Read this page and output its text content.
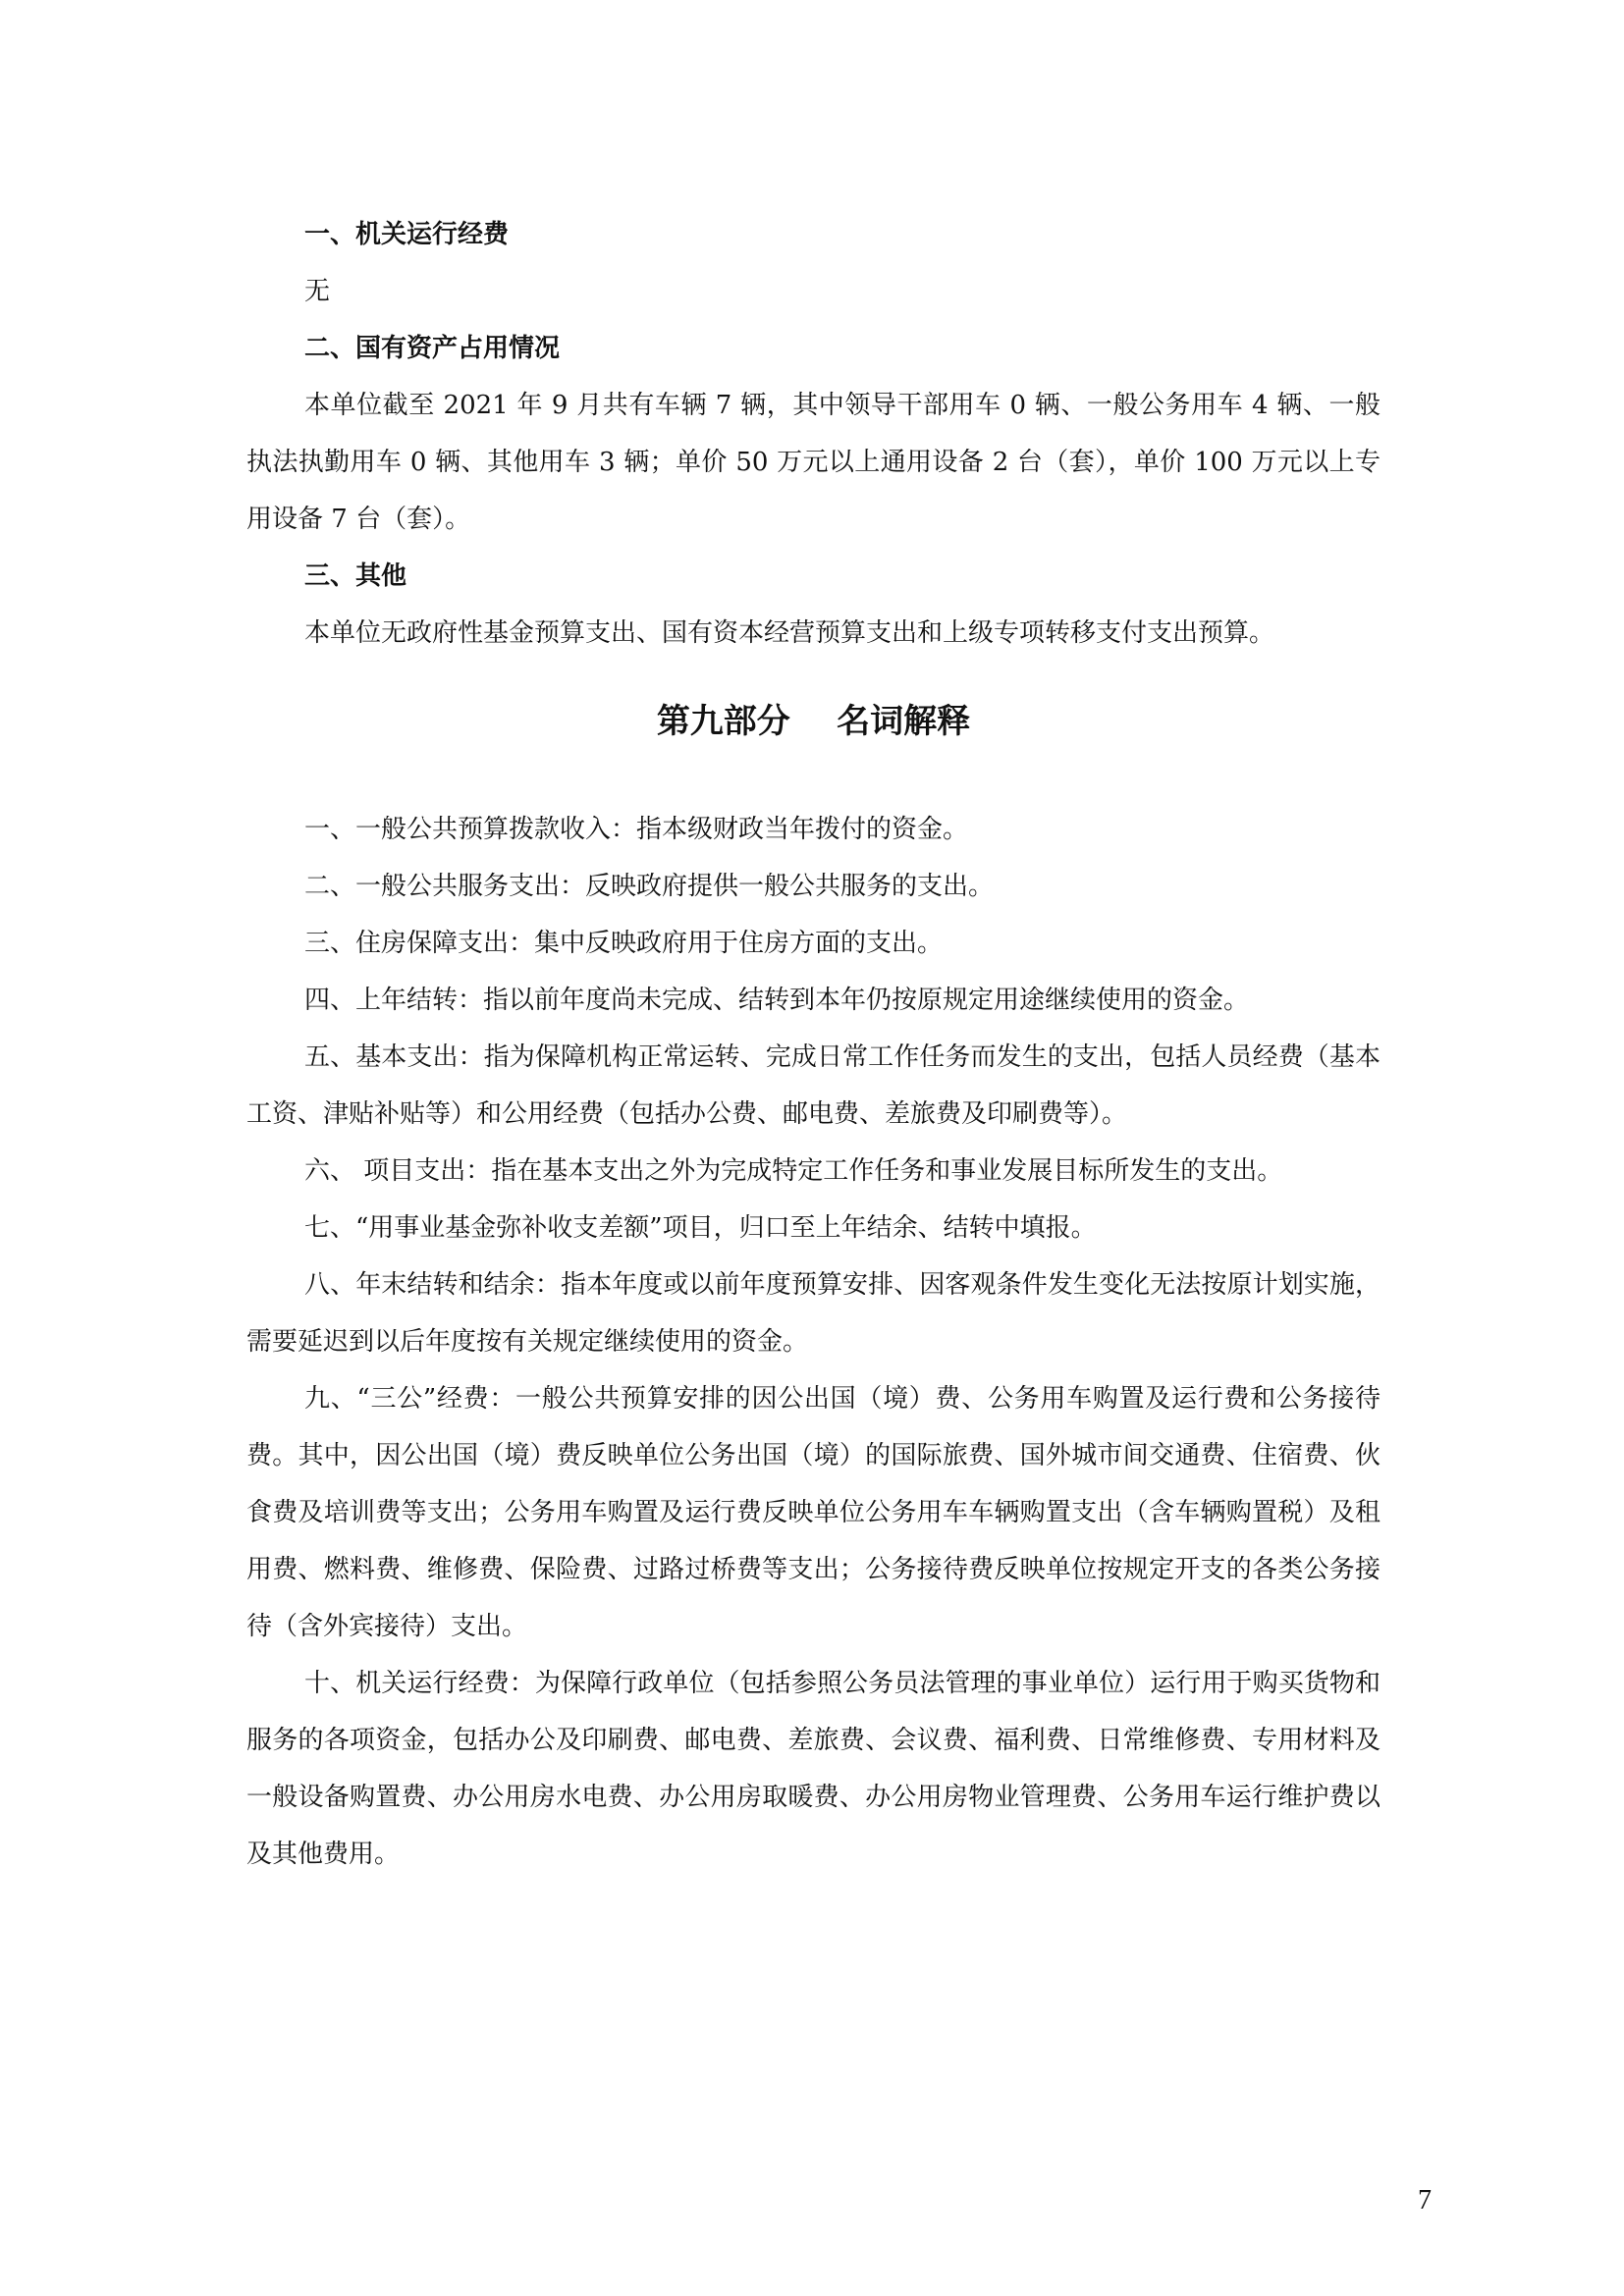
一、机关运行经费

无

二、国有资产占用情况

本单位截至 2021 年 9 月共有车辆 7 辆，其中领导干部用车 0 辆、一般公务用车 4 辆、一般执法执勤用车 0 辆、其他用车 3 辆；单价 50 万元以上通用设备 2 台（套），单价 100 万元以上专用设备 7 台（套）。

三、其他

本单位无政府性基金预算支出、国有资本经营预算支出和上级专项转移支付支出预算。

第九部分    名词解释

一、一般公共预算拨款收入：指本级财政当年拨付的资金。

二、一般公共服务支出：反映政府提供一般公共服务的支出。

三、住房保障支出：集中反映政府用于住房方面的支出。

四、上年结转：指以前年度尚未完成、结转到本年仍按原规定用途继续使用的资金。

五、基本支出：指为保障机构正常运转、完成日常工作任务而发生的支出，包括人员经费（基本工资、津贴补贴等）和公用经费（包括办公费、邮电费、差旅费及印刷费等）。

六、 项目支出：指在基本支出之外为完成特定工作任务和事业发展目标所发生的支出。

七、“用事业基金弥补收支差额”项目，归口至上年结余、结转中填报。

八、年末结转和结余：指本年度或以前年度预算安排、因客观条件发生变化无法按原计划实施，需要延迟到以后年度按有关规定继续使用的资金。

九、“三公”经费：一般公共预算安排的因公出国（境）费、公务用车购置及运行费和公务接待费。其中，因公出国（境）费反映单位公务出国（境）的国际旅费、国外城市间交通费、住宿费、伙食费及培训费等支出；公务用车购置及运行费反映单位公务用车车辆购置支出（含车辆购置税）及租用费、燃料费、维修费、保险费、过路过桥费等支出；公务接待费反映单位按规定开支的各类公务接待（含外宾接待）支出。

十、机关运行经费：为保障行政单位（包括参照公务员法管理的事业单位）运行用于购买货物和服务的各项资金，包括办公及印刷费、邮电费、差旅费、会议费、福利费、日常维修费、专用材料及一般设备购置费、办公用房水电费、办公用房取暖费、办公用房物业管理费、公务用车运行维护费以及其他费用。

7
